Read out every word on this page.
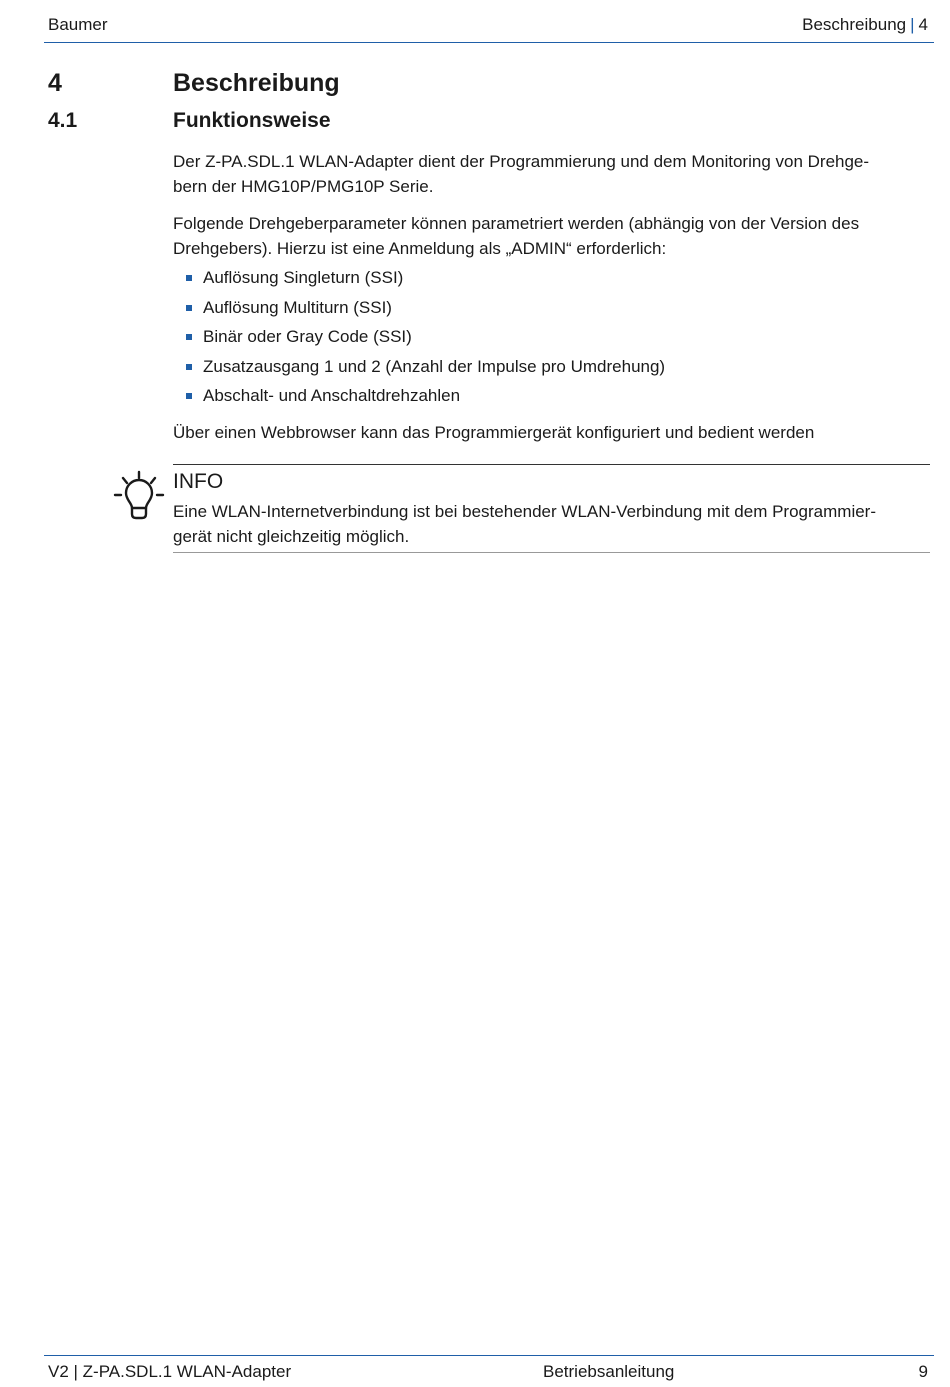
Baumer	Beschreibung | 4
4	Beschreibung
4.1	Funktionsweise

Der Z-PA.SDL.1 WLAN-Adapter dient der Programmierung und dem Monitoring von Drehge-
bern der HMG10P/PMG10P Serie.

Folgende Drehgeberparameter können parametriert werden (abhängig von der Version des
Drehgebers). Hierzu ist eine Anmeldung als „ADMIN“ erforderlich:

Auflösung Singleturn (SSI)
Auflösung Multiturn (SSI)
Binär oder Gray Code (SSI)
Zusatzausgang 1 und 2 (Anzahl der Impulse pro Umdrehung)
Abschalt- und Anschaltdrehzahlen

Über einen Webbrowser kann das Programmiergerät konfiguriert und bedient werden

INFO

Eine WLAN-Internetverbindung ist bei bestehender WLAN-Verbindung mit dem Programmier-
gerät nicht gleichzeitig möglich.

V2 | Z-PA.SDL.1 WLAN-Adapter	Betriebsanleitung	9
